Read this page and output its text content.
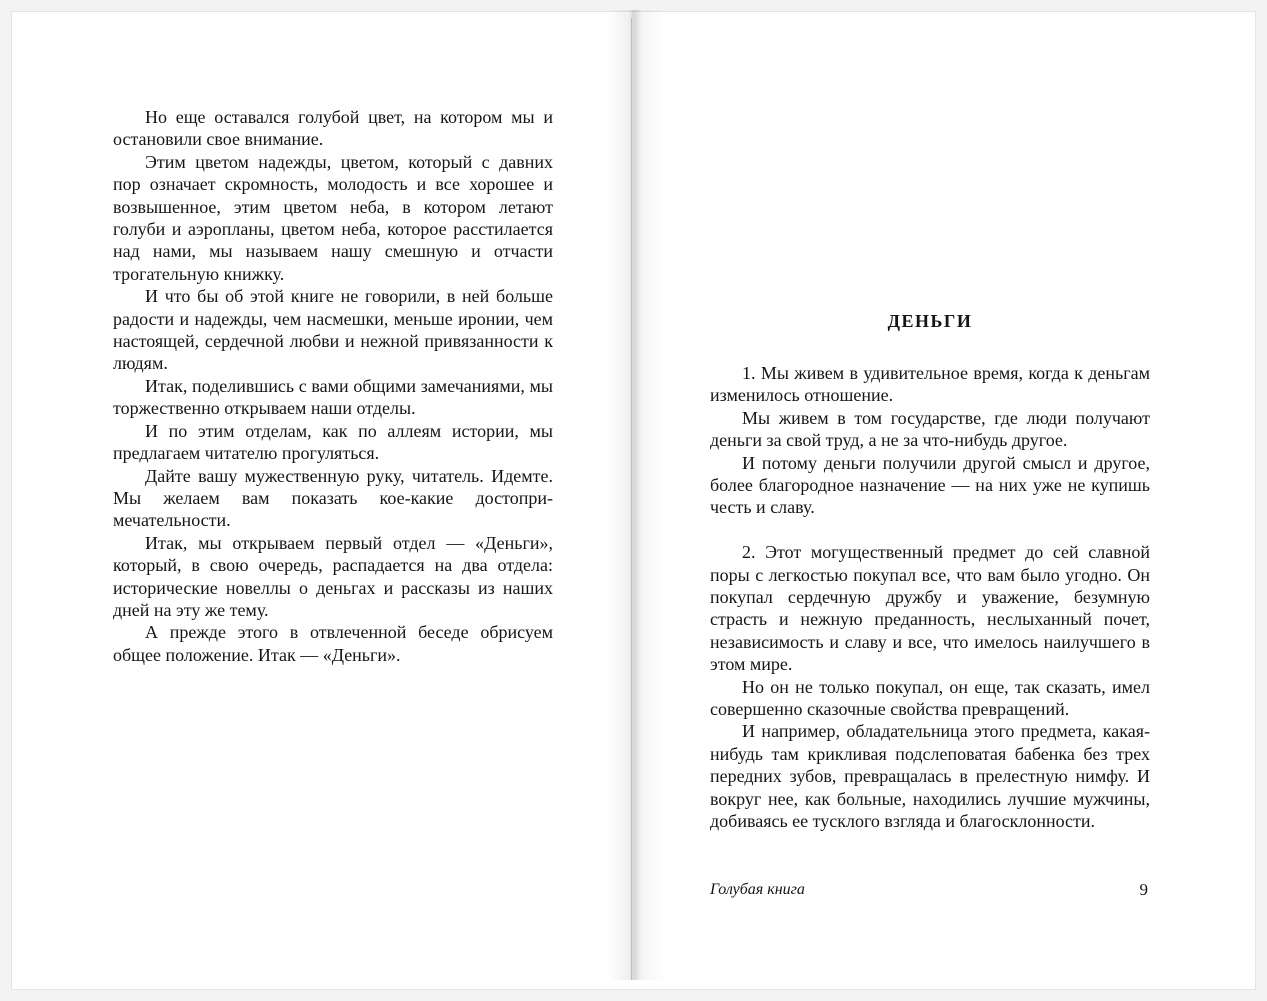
Но еще оставался голубой цвет, на котором мы и остановили свое внимание.

Этим цветом надежды, цветом, который с давних пор означает скромность, молодость и все хорошее и возвышенное, этим цветом неба, в котором летают голуби и аэропланы, цветом неба, которое расстилается над нами, мы называем нашу смешную и отчасти трогательную книжку.

И что бы об этой книге не говорили, в ней больше радости и надежды, чем насмешки, меньше иронии, чем настоящей, сердечной любви и нежной привязанности к людям.

Итак, поделившись с вами общими замечаниями, мы торжественно открываем наши отделы.

И по этим отделам, как по аллеям истории, мы предлагаем читателю прогуляться.

Дайте вашу мужественную руку, читатель. Идемте. Мы желаем вам показать кое-какие достопримечательности.

Итак, мы открываем первый отдел — «Деньги», который, в свою очередь, распадается на два отдела: исторические новеллы о деньгах и рассказы из наших дней на эту же тему.

А прежде этого в отвлеченной беседе обрисуем общее положение. Итак — «Деньги».

ДЕНЬГИ

1. Мы живем в удивительное время, когда к деньгам изменилось отношение.

Мы живем в том государстве, где люди получают деньги за свой труд, а не за что-нибудь другое.

И потому деньги получили другой смысл и другое, более благородное назначение — на них уже не купишь честь и славу.

2. Этот могущественный предмет до сей славной поры с легкостью покупал все, что вам было угодно. Он покупал сердечную дружбу и уважение, безумную страсть и нежную преданность, неслыханный почет, независимость и славу и все, что имелось наилучшего в этом мире.

Но он не только покупал, он еще, так сказать, имел совершенно сказочные свойства превращений.

И например, обладательница этого предмета, какая-нибудь там крикливая подслеповатая бабенка без трех передних зубов, превращалась в прелестную нимфу. И вокруг нее, как больные, находились лучшие мужчины, добиваясь ее тусклого взгляда и благосклонности.

Голубая книга	9
